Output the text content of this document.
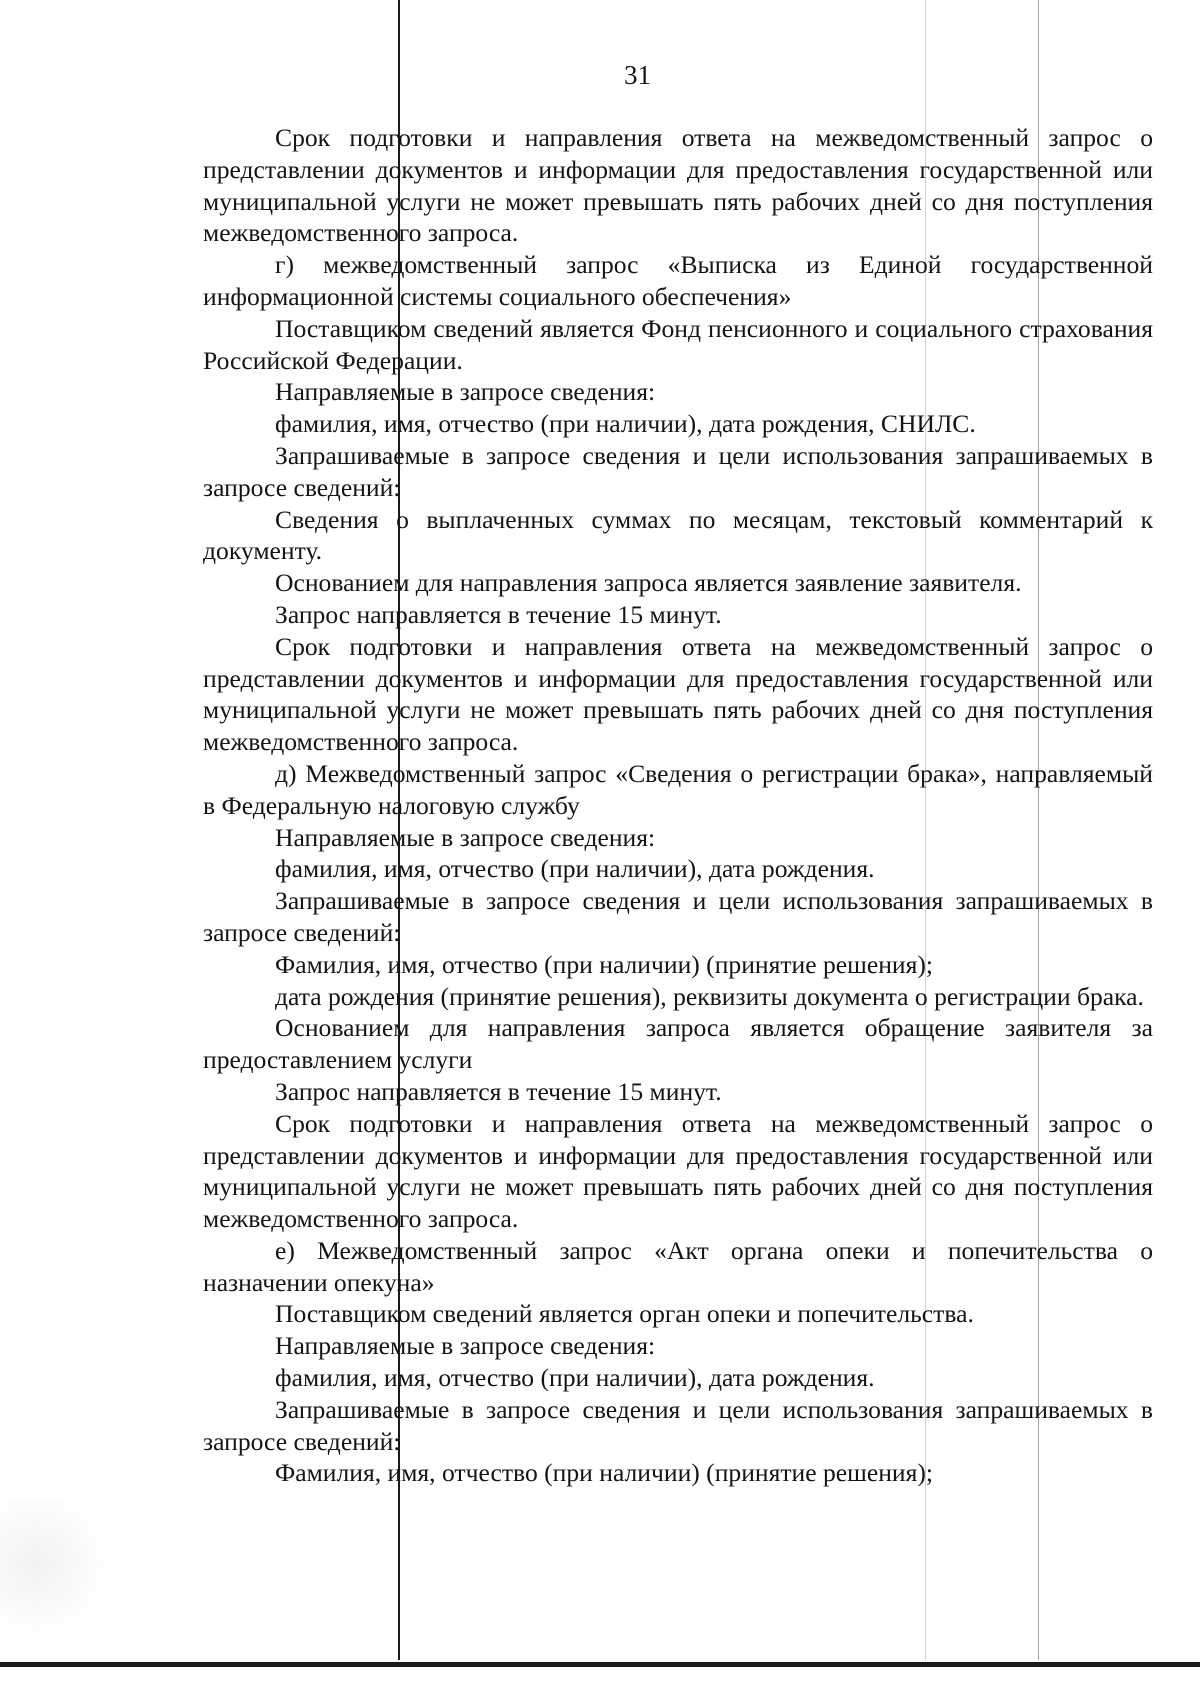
31

Срок подготовки и направления ответа на межведомственный запрос о представлении документов и информации для предоставления государственной или муниципальной услуги не может превышать пять рабочих дней со дня поступления межведомственного запроса.

г) межведомственный запрос «Выписка из Единой государственной информационной системы социального обеспечения»

Поставщиком сведений является Фонд пенсионного и социального страхования Российской Федерации.

Направляемые в запросе сведения:

фамилия, имя, отчество (при наличии), дата рождения, СНИЛС.

Запрашиваемые в запросе сведения и цели использования запрашиваемых в запросе сведений:

Сведения о выплаченных суммах по месяцам, текстовый комментарий к документу.

Основанием для направления запроса является заявление заявителя.

Запрос направляется в течение 15 минут.

Срок подготовки и направления ответа на межведомственный запрос о представлении документов и информации для предоставления государственной или муниципальной услуги не может превышать пять рабочих дней со дня поступления межведомственного запроса.

д) Межведомственный запрос «Сведения о регистрации брака», направляемый в Федеральную налоговую службу

Направляемые в запросе сведения:

фамилия, имя, отчество (при наличии), дата рождения.

Запрашиваемые в запросе сведения и цели использования запрашиваемых в запросе сведений:

Фамилия, имя, отчество (при наличии) (принятие решения);

дата рождения (принятие решения), реквизиты документа о регистрации брака.

Основанием для направления запроса является обращение заявителя за предоставлением услуги

Запрос направляется в течение 15 минут.

Срок подготовки и направления ответа на межведомственный запрос о представлении документов и информации для предоставления государственной или муниципальной услуги не может превышать пять рабочих дней со дня поступления межведомственного запроса.

е) Межведомственный запрос «Акт органа опеки и попечительства о назначении опекуна»

Поставщиком сведений является орган опеки и попечительства.

Направляемые в запросе сведения:

фамилия, имя, отчество (при наличии), дата рождения.

Запрашиваемые в запросе сведения и цели использования запрашиваемых в запросе сведений:

Фамилия, имя, отчество (при наличии) (принятие решения);
